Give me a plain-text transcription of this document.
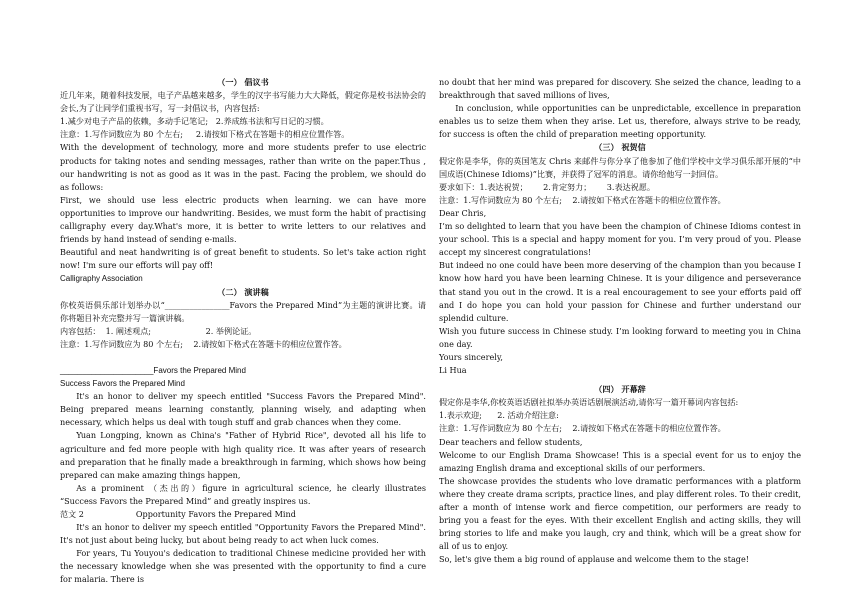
（一） 倡议书

近几年来，随着科技发展，电子产品越来越多，学生的汉字书写能力大大降低，假定你是校书法协会的会长,为了让同学们重视书写，写一封倡议书，内容包括:

1.减少对电子产品的依赖，多动手记笔记; 2.养成练书法和写日记的习惯。

注意：1.写作词数应为 80 个左右; 2.请按如下格式在答题卡的相应位置作答。

With the development of technology, more and more students prefer to use electric products for taking notes and sending messages, rather than write on the paper.Thus , our handwriting is not as good as it was in the past. Facing the problem, we should do as follows:

First, we should use less electric products when learning. we can have more opportunities to improve our handwriting. Besides, we must form the habit of practising calligraphy every day.What's more, it is better to write letters to our relatives and friends by hand instead of sending e-mails.

Beautiful and neat handwriting is of great benefit to students. So let's take action right now! I'm sure our efforts will pay off!

Calligraphy Association

（二） 演讲稿

你校英语俱乐部计划举办以“________________Favors the Prepared Mind”为主题的演讲比赛。请你将题目补充完整并写一篇演讲稿。

内容包括： 1. 阐述观点;	2. 举例论证。

注意：1.写作词数应为 80 个左右; 2.请按如下格式在答题卡的相应位置作答。

_____________________Favors the Prepared Mind

Success Favors the Prepared Mind

It's an honor to deliver my speech entitled "Success Favors the Prepared Mind". Being prepared means learning constantly, planning wisely, and adapting when necessary, which helps us deal with tough stuff and grab chances when they come.

Yuan Longping, known as China's "Father of Hybrid Rice", devoted all his life to agriculture and fed more people with high quality rice. It was after years of research and preparation that he finally made a breakthrough in farming, which shows how being prepared can make amazing things happen,

As a prominent （杰出的）figure in agricultural science, he clearly illustrates “Success Favors the Prepared Mind” and greatly inspires us.

范文 2	Opportunity Favors the Prepared Mind

It's an honor to deliver my speech entitled "Opportunity Favors the Prepared Mind". It's not just about being lucky, but about being ready to act when luck comes.

For years, Tu Youyou's dedication to traditional Chinese medicine provided her with the necessary knowledge when she was presented with the opportunity to find a cure for malaria. There is

no doubt that her mind was prepared for discovery. She seized the chance, leading to a breakthrough that saved millions of lives,

In conclusion, while opportunities can be unpredictable, excellence in preparation enables us to seize them when they arise. Let us, therefore, always strive to be ready, for success is often the child of preparation meeting opportunity.

（三） 祝贺信

假定你是李华，你的英国笔友 Chris 来邮件与你分享了他参加了他们学校中文学习俱乐部开展的“中国成语(Chinese Idioms)”比赛，并获得了冠军的消息。请你给他写一封回信。

要求如下：1.表达祝贺； 2.肯定努力； 3.表达祝愿。

注意：1.写作词数应为 80 个左右; 2.请按如下格式在答题卡的相应位置作答。

Dear Chris,

I’m so delighted to learn that you have been the champion of Chinese Idioms contest in your school. This is a special and happy moment for you. I’m very proud of you. Please accept my sincerest congratulations!

But indeed no one could have been more deserving of the champion than you because I know how hard you have been learning Chinese. It is your diligence and perseverance that stand you out in the crowd. It is a real encouragement to see your efforts paid off and I do hope you can hold your passion for Chinese and further understand our splendid culture.

Wish you future success in Chinese study. I’m looking forward to meeting you in China one day.

Yours sincerely,

Li Hua

（四） 开幕辞

假定你是李华,你校英语话剧社拟举办英语话剧展演活动,请你写一篇开幕词内容包括:

1.表示欢迎; 2. 活动介绍注意:

注意：1.写作词数应为 80 个左右; 2.请按如下格式在答题卡的相应位置作答。

Dear teachers and fellow students,

Welcome to our English Drama Showcase! This is a special event for us to enjoy the amazing English drama and exceptional skills of our performers.

The showcase provides the students who love dramatic performances with a platform where they create drama scripts, practice lines, and play different roles. To their credit, after a month of intense work and fierce competition, our performers are ready to bring you a feast for the eyes. With their excellent English and acting skills, they will bring stories to life and make you laugh, cry and think, which will be a great show for all of us to enjoy.

So, let's give them a big round of applause and welcome them to the stage!
